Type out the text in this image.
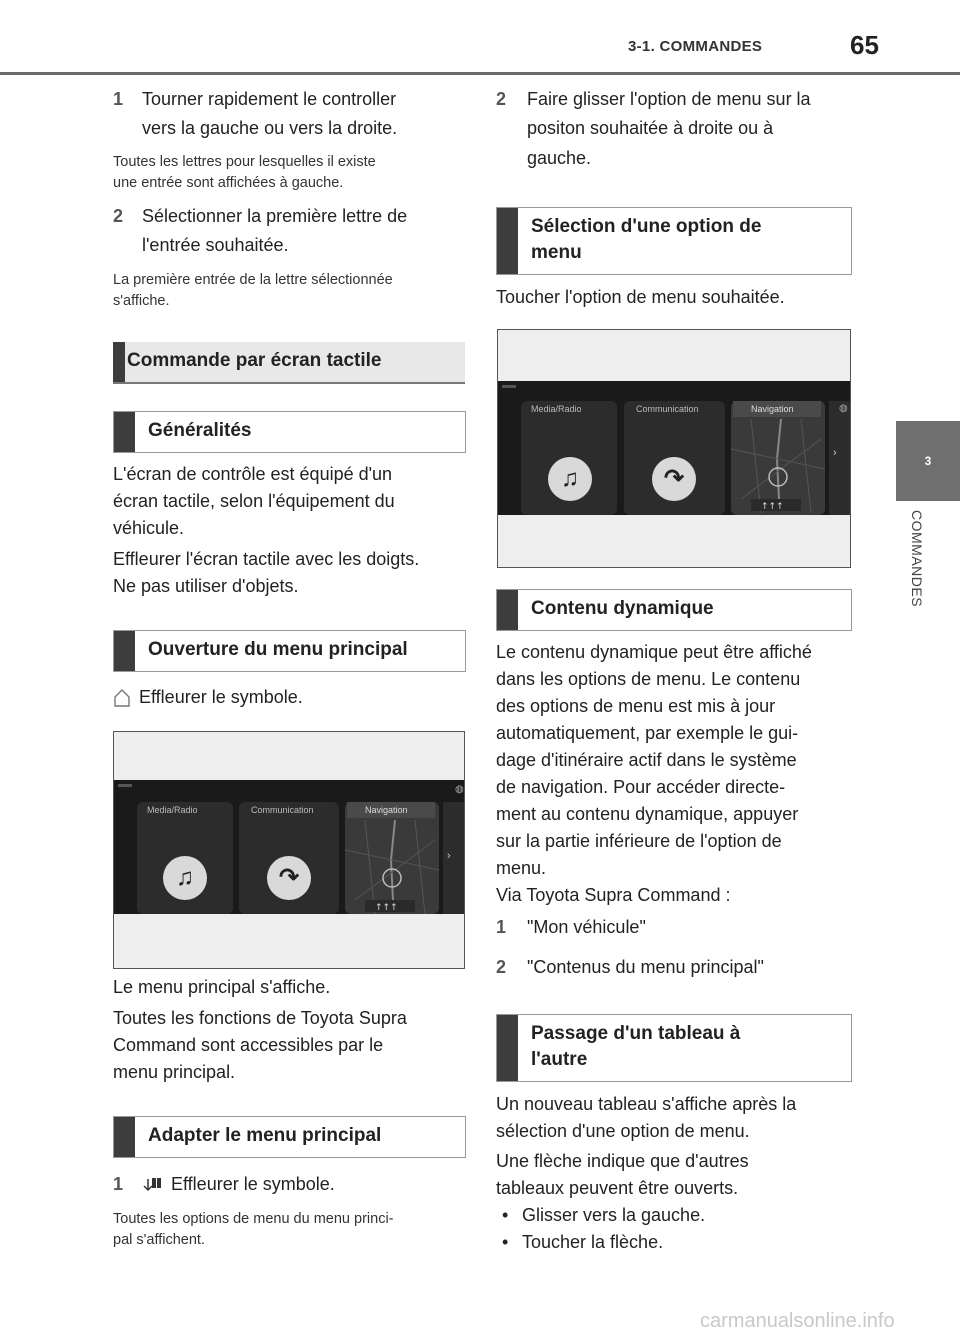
3-1. COMMANDES	65
3
COMMANDES
1 Tourner rapidement le controller
vers la gauche ou vers la droite.
Toutes les lettres pour lesquelles il existe
une entrée sont affichées à gauche.
2 Sélectionner la première lettre de
l'entrée souhaitée.
La première entrée de la lettre sélectionnée
s'affiche.
Commande par écran tactile
Généralités
L'écran de contrôle est équipé d'un
écran tactile, selon l'équipement du
véhicule.
Effleurer l'écran tactile avec les doigts.
Ne pas utiliser d'objets.
Ouverture du menu principal
Effleurer le symbole.
Media/Radio
♫
Communication
↷
Navigation
↑↑↑
◍
›
Le menu principal s'affiche.
Toutes les fonctions de Toyota Supra
Command sont accessibles par le
menu principal.
Adapter le menu principal
1	Effleurer le symbole.
Toutes les options de menu du menu princi-
pal s'affichent.
2 Faire glisser l'option de menu sur la
positon souhaitée à droite ou à
gauche.
Sélection d'une option de
menu
Toucher l'option de menu souhaitée.
Media/Radio
♫
Communication
↷
Navigation
↑↑↑
◍
›
Contenu dynamique
Le contenu dynamique peut être affiché
dans les options de menu. Le contenu
des options de menu est mis à jour
automatiquement, par exemple le gui-
dage d'itinéraire actif dans le système
de navigation. Pour accéder directe-
ment au contenu dynamique, appuyer
sur la partie inférieure de l'option de
menu.
Via Toyota Supra Command :
1 "Mon véhicule"
2 "Contenus du menu principal"
Passage d'un tableau à
l'autre
Un nouveau tableau s'affiche après la
sélection d'une option de menu.
Une flèche indique que d'autres
tableaux peuvent être ouverts.
• Glisser vers la gauche.
• Toucher la flèche.
carmanualsonline.info
